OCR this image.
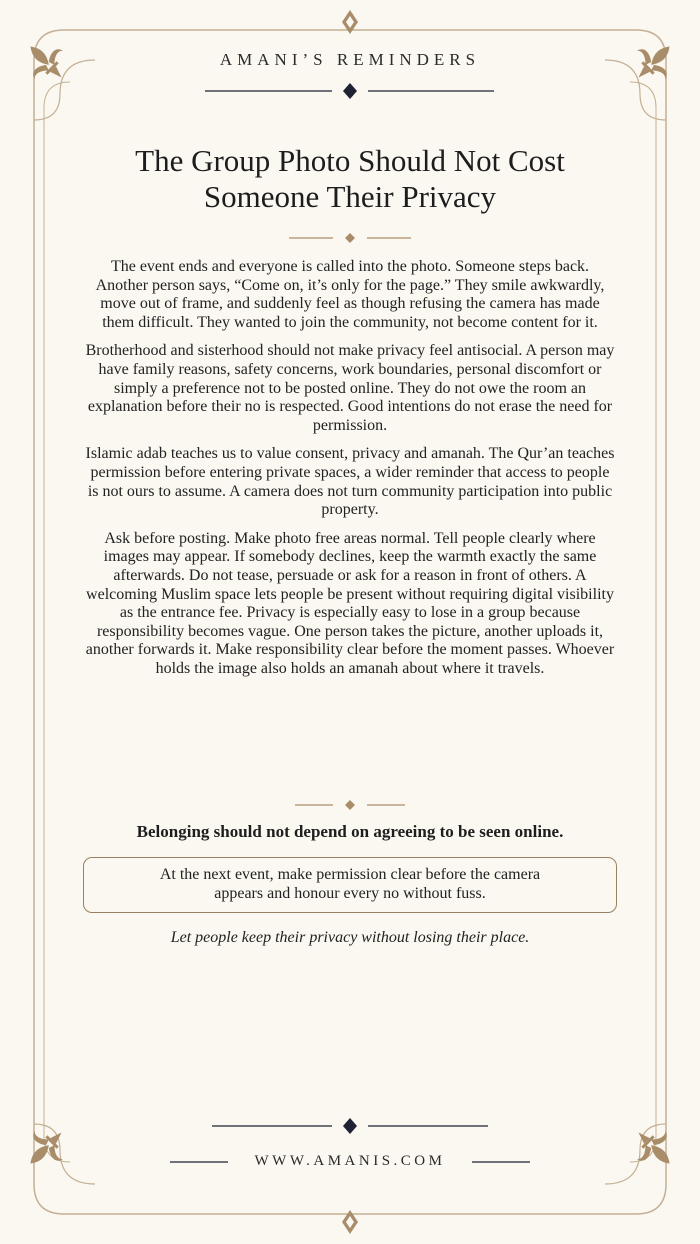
AMANI’S REMINDERS
The Group Photo Should Not Cost
Someone Their Privacy

The event ends and everyone is called into the photo. Someone steps back. Another person says, “Come on, it’s only for the page.” They smile awkwardly, move out of frame, and suddenly feel as though refusing the camera has made them difficult. They wanted to join the community, not become content for it.

Brotherhood and sisterhood should not make privacy feel antisocial. A person may have family reasons, safety concerns, work boundaries, personal discomfort or simply a preference not to be posted online. They do not owe the room an explanation before their no is respected. Good intentions do not erase the need for permission.

Islamic adab teaches us to value consent, privacy and amanah. The Qur’an teaches permission before entering private spaces, a wider reminder that access to people is not ours to assume. A camera does not turn community participation into public property.

Ask before posting. Make photo free areas normal. Tell people clearly where images may appear. If somebody declines, keep the warmth exactly the same afterwards. Do not tease, persuade or ask for a reason in front of others. A welcoming Muslim space lets people be present without requiring digital visibility as the entrance fee. Privacy is especially easy to lose in a group because responsibility becomes vague. One person takes the picture, another uploads it, another forwards it. Make responsibility clear before the moment passes. Whoever holds the image also holds an amanah about where it travels.

Belonging should not depend on agreeing to be seen online.
At the next event, make permission clear before the camera
appears and honour every no without fuss.
Let people keep their privacy without losing their place.
WWW.AMANIS.COM
